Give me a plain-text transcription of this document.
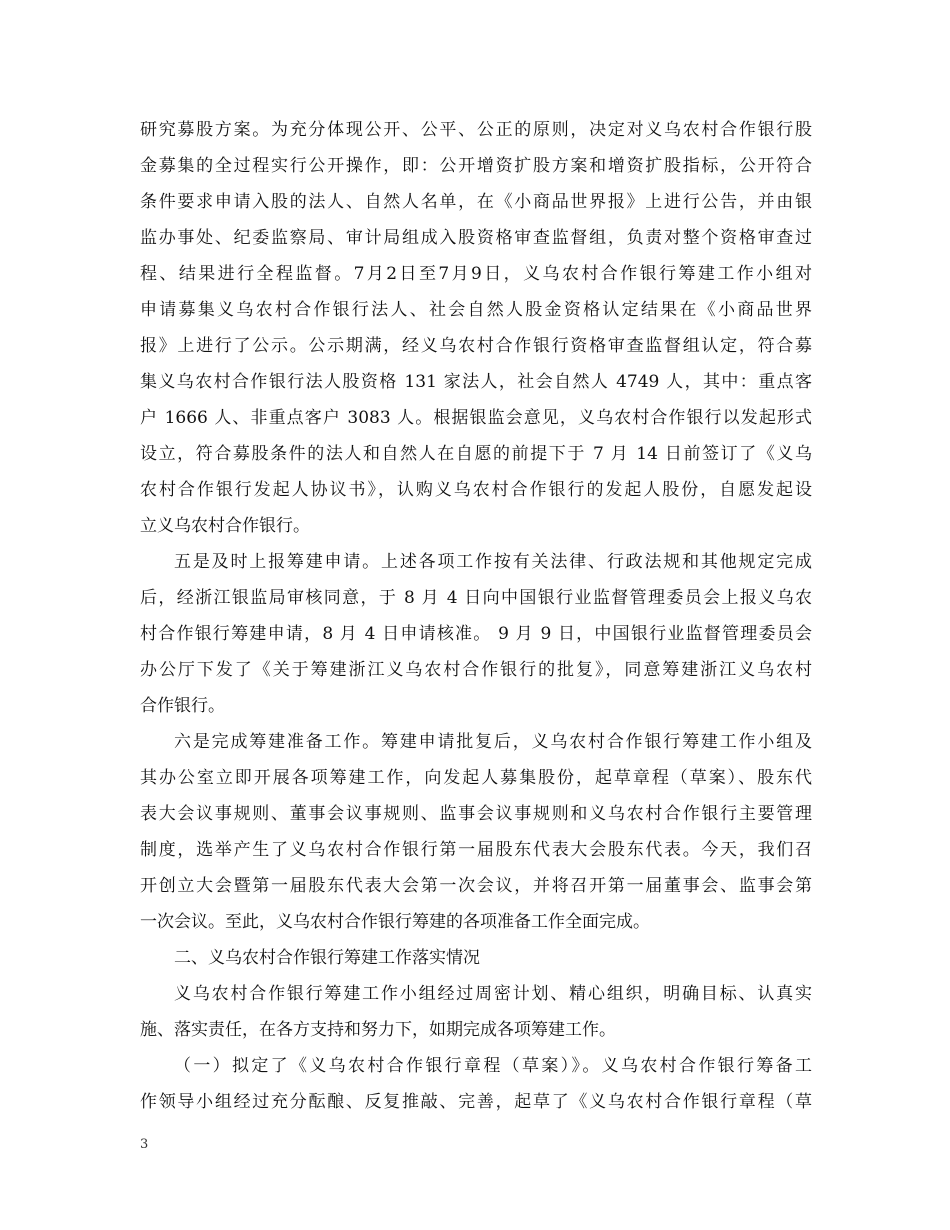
研究募股方案。为充分体现公开、公平、公正的原则，决定对义乌农村合作银行股
金募集的全过程实行公开操作，即：公开增资扩股方案和增资扩股指标，公开符合
条件要求申请入股的法人、自然人名单，在《小商品世界报》上进行公告，并由银
监办事处、纪委监察局、审计局组成入股资格审查监督组，负责对整个资格审查过
程、结果进行全程监督。7月2日至7月9日，义乌农村合作银行筹建工作小组对
申请募集义乌农村合作银行法人、社会自然人股金资格认定结果在《小商品世界
报》上进行了公示。公示期满，经义乌农村合作银行资格审查监督组认定，符合募
集义乌农村合作银行法人股资格 131 家法人，社会自然人 4749 人，其中：重点客
户 1666 人、非重点客户 3083 人。根据银监会意见，义乌农村合作银行以发起形式
设立，符合募股条件的法人和自然人在自愿的前提下于 7 月 14 日前签订了《义乌
农村合作银行发起人协议书》，认购义乌农村合作银行的发起人股份，自愿发起设
立义乌农村合作银行。
五是及时上报筹建申请。上述各项工作按有关法律、行政法规和其他规定完成
后，经浙江银监局审核同意，于 8 月 4 日向中国银行业监督管理委员会上报义乌农
村合作银行筹建申请，8 月 4 日申请核准。 9 月 9 日，中国银行业监督管理委员会
办公厅下发了《关于筹建浙江义乌农村合作银行的批复》，同意筹建浙江义乌农村
合作银行。
六是完成筹建准备工作。筹建申请批复后，义乌农村合作银行筹建工作小组及
其办公室立即开展各项筹建工作，向发起人募集股份，起草章程（草案）、股东代
表大会议事规则、董事会议事规则、监事会议事规则和义乌农村合作银行主要管理
制度，选举产生了义乌农村合作银行第一届股东代表大会股东代表。今天，我们召
开创立大会暨第一届股东代表大会第一次会议，并将召开第一届董事会、监事会第
一次会议。至此，义乌农村合作银行筹建的各项准备工作全面完成。
二、义乌农村合作银行筹建工作落实情况
义乌农村合作银行筹建工作小组经过周密计划、精心组织，明确目标、认真实
施、落实责任，在各方支持和努力下，如期完成各项筹建工作。
（一）拟定了《义乌农村合作银行章程（草案）》。义乌农村合作银行筹备工
作领导小组经过充分酝酿、反复推敲、完善，起草了《义乌农村合作银行章程（草
3
